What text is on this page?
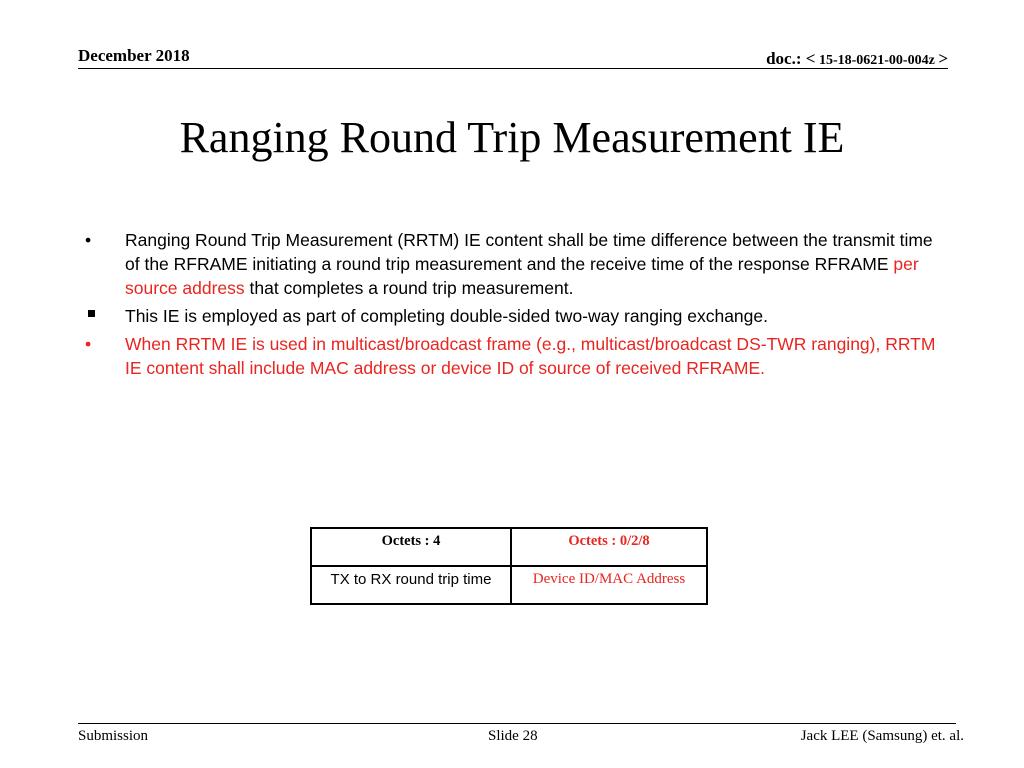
December 2018	doc.: < 15-18-0621-00-004z >
Ranging Round Trip Measurement IE
•	Ranging Round Trip Measurement (RRTM) IE content shall be time difference between the transmit time of the RFRAME initiating a round trip measurement and the receive time of the response RFRAME per source address that completes a round trip measurement.
This IE is employed as part of completing double-sided two-way ranging exchange.
•	When RRTM IE is used in multicast/broadcast frame (e.g., multicast/broadcast DS-TWR ranging), RRTM IE content shall include MAC address or device ID of source of received RFRAME.
Octets : 4	Octets : 0/2/8
TX to RX round trip time	Device ID/MAC Address
Submission	Slide 28	Jack LEE (Samsung) et. al.
